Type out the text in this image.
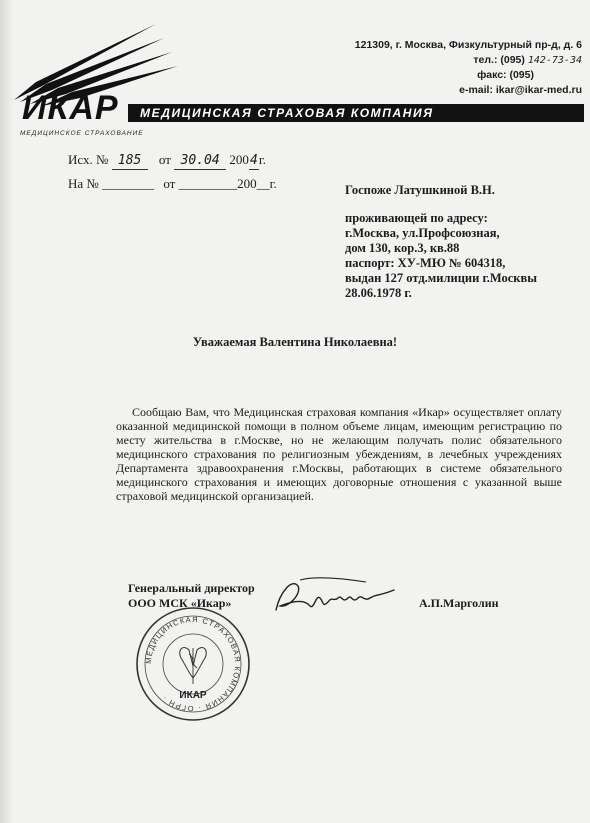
ИКАР МЕДИЦИНСКАЯ СТРАХОВАЯ КОМПАНИЯ
МЕДИЦИНСКОЕ СТРАХОВАНИЕ
121309, г. Москва, Физкультурный пр-д, д. 6
тел.: (095) 142-73-34
факс: (095)
e-mail: ikar@ikar-med.ru
Исх. № 185 от 30.04 2004г.
На № ________ от _________200__г.	Госпоже Латушкиной В.Н.
проживающей по адресу:
г.Москва, ул.Профсоюзная,
дом 130, кор.3, кв.88
паспорт: ХУ-МЮ № 604318,
выдан 127 отд.милиции г.Москвы
28.06.1978 г.
Уважаемая Валентина Николаевна!
Сообщаю Вам, что Медицинская страховая компания «Икар» осуществляет оплату оказанной медицинской помощи в полном объеме лицам, имеющим регистрацию по месту жительства в г.Москве, но не желающим получать полис обязательного медицинского страхования по религиозным убеждениям, в лечебных учреждениях Департамента здравоохранения г.Москвы, работающих в системе обязательного медицинского страхования и имеющих договорные отношения с указанной выше страховой медицинской организацией.
Генеральный директор
ООО МСК «Икар»	А.П.Марголин
МЕДИЦИНСКАЯ СТРАХОВАЯ КОМПАНИЯ · ОГРН ·	ИКАР
